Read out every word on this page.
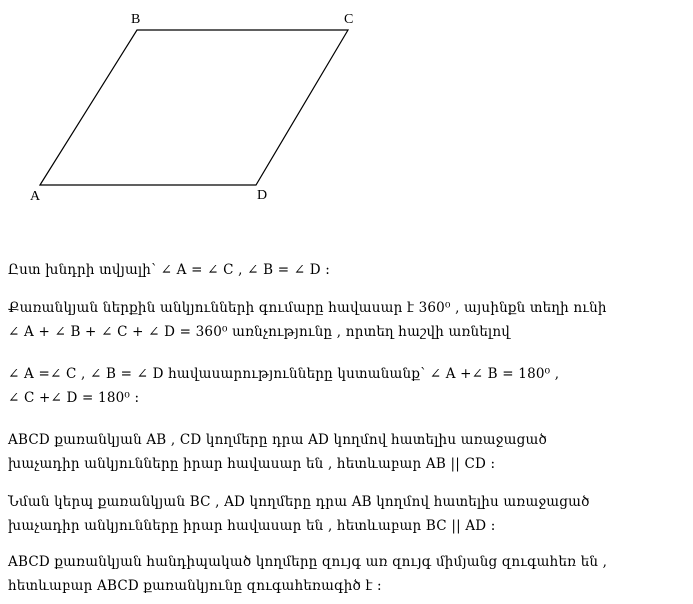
B	C
A	D
Ըստ խնդրի տվյալի՝ ∠ A = ∠ C , ∠ B = ∠ D :
Քառանկյան ներքին անկյունների գումարը հավասար է 360⁰ , այսինքն տեղի ունի
∠ A + ∠ B + ∠ C + ∠ D = 360⁰ առնչությունը , որտեղ հաշվի առնելով
∠ A =∠ C , ∠ B = ∠ D հավասարությունները կստանանք՝ ∠ A +∠ B = 180⁰ ,
∠ C +∠ D = 180⁰ :
ABCD քառանկյան AB , CD կողմերը դրա AD կողմով հատելիս առաջացած
խաչադիր անկյունները իրար հավասար են , հետևաբար AB || CD :
Նման կերպ քառանկյան BC , AD կողմերը դրա AB կողմով հատելիս առաջացած
խաչադիր անկյունները իրար հավասար են , հետևաբար BC || AD :
ABCD քառանկյան հանդիպակած կողմերը զույգ առ զույգ միմյանց զուգահեռ են ,
հետևաբար ABCD քառանկյունը զուգահեռագիծ է :
